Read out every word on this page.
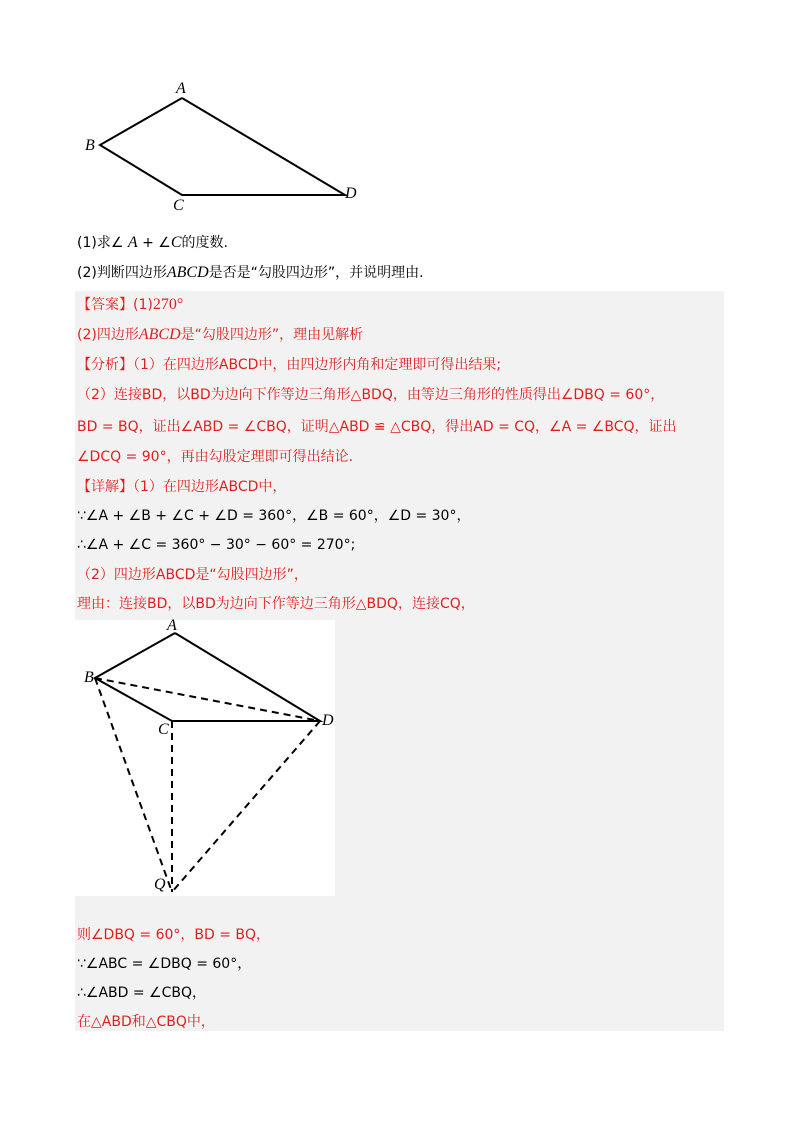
A
B
C
D
(1)求∠ A + ∠C的度数.
(2)判断四边形ABCD是否是“勾股四边形”，并说明理由.
【答案】(1)270°
(2)四边形ABCD是“勾股四边形”，理由见解析
【分析】（1）在四边形ABCD中，由四边形内角和定理即可得出结果;
（2）连接BD，以BD为边向下作等边三角形△BDQ，由等边三角形的性质得出∠DBQ = 60°，
BD = BQ，证出∠ABD = ∠CBQ，证明△ABD ≌ △CBQ，得出AD = CQ，∠A = ∠BCQ，证出
∠DCQ = 90°，再由勾股定理即可得出结论.
【详解】（1）在四边形ABCD中，
∵∠A + ∠B + ∠C + ∠D = 360°，∠B = 60°，∠D = 30°，
∴∠A + ∠C = 360° − 30° − 60° = 270°;
（2）四边形ABCD是“勾股四边形”，
理由：连接BD，以BD为边向下作等边三角形△BDQ，连接CQ，
A
B
C
D
Q
则∠DBQ = 60°，BD = BQ，
∵∠ABC = ∠DBQ = 60°，
∴∠ABD = ∠CBQ，
在△ABD和△CBQ中，
